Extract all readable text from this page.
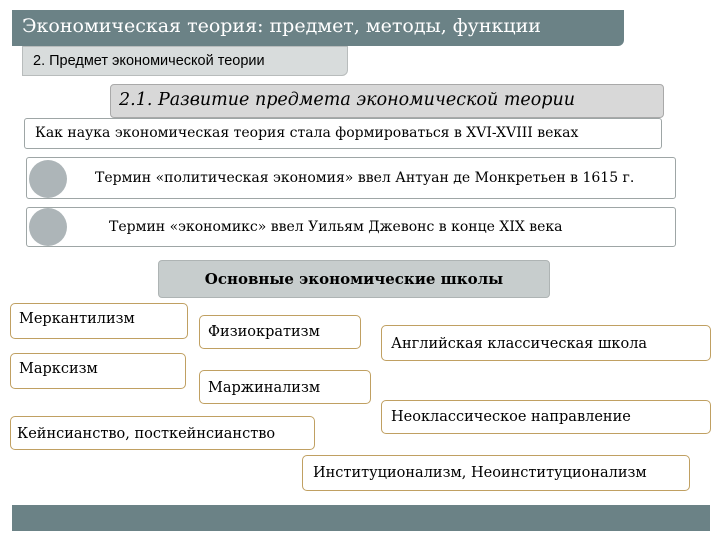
Экономическая теория: предмет, методы, функции
2. Предмет экономической теории
2.1. Развитие предмета экономической теории
Как наука экономическая теория стала формироваться в XVI-XVIII веках
Термин «политическая экономия» ввел Антуан де Монкретьен в 1615 г.
Термин «экономикс» ввел Уильям Джевонс в конце XIX века
Основные экономические школы
Меркантилизм
Физиократизм
Английская классическая школа
Марксизм
Маржинализм
Неоклассическое направление
Кейнсианство, посткейнсианство
Институционализм, Неоинституционализм
